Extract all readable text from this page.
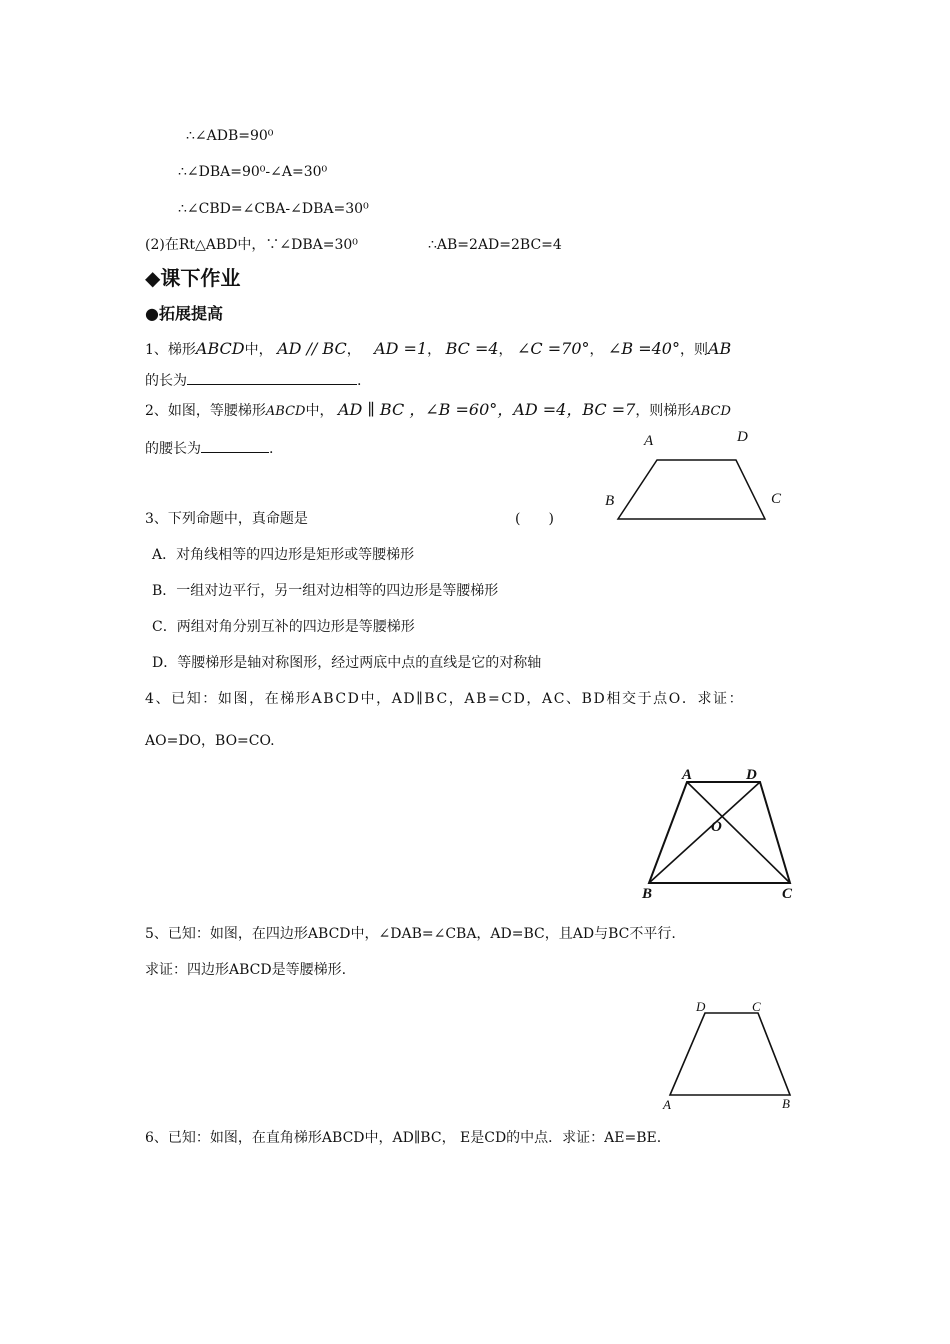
∴∠ADB=90⁰
∴∠DBA=90⁰-∠A=30⁰
∴∠CBD=∠CBA-∠DBA=30⁰
(2)在Rt△ABD中，∵∠DBA=30⁰	∴AB=2AD=2BC=4
◆课下作业
●拓展提高
1、梯形ABCD中， AD // BC， AD =1， BC =4， ∠C =70°， ∠B =40°，则AB
的长为	.
2、如图，等腰梯形ABCD中， AD ∥ BC ，∠B =60°，AD =4，BC =7，则梯形ABCD
的腰长为	.	A	D
B	C
3、下列命题中，真命题是	(　　)
A．对角线相等的四边形是矩形或等腰梯形
B．一组对边平行，另一组对边相等的四边形是等腰梯形
C．两组对角分别互补的四边形是等腰梯形
D．等腰梯形是轴对称图形，经过两底中点的直线是它的对称轴
4、已知：如图，在梯形ABCD中，AD∥BC，AB=CD，AC、BD相交于点O．求证：
AO=DO，BO=CO.
A	D
O
B	C
5、已知：如图，在四边形ABCD中，∠DAB=∠CBA，AD=BC，且AD与BC不平行.
求证：四边形ABCD是等腰梯形.
D	C
A	B
6、已知：如图，在直角梯形ABCD中，AD∥BC， E是CD的中点．求证：AE=BE.
